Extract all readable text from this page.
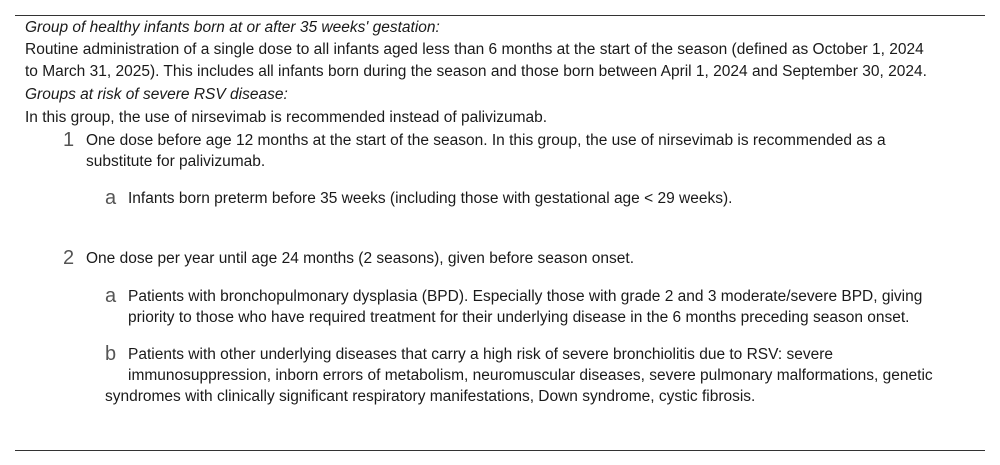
Group of healthy infants born at or after 35 weeks' gestation:
Routine administration of a single dose to all infants aged less than 6 months at the start of the season (defined as October 1, 2024
to March 31, 2025). This includes all infants born during the season and those born between April 1, 2024 and September 30, 2024.
Groups at risk of severe RSV disease:
In this group, the use of nirsevimab is recommended instead of palivizumab.
1 One dose before age 12 months at the start of the season. In this group, the use of nirsevimab is recommended as a
substitute for palivizumab.
a Infants born preterm before 35 weeks (including those with gestational age < 29 weeks).
2 One dose per year until age 24 months (2 seasons), given before season onset.
a Patients with bronchopulmonary dysplasia (BPD). Especially those with grade 2 and 3 moderate/severe BPD, giving
priority to those who have required treatment for their underlying disease in the 6 months preceding season onset.
b Patients with other underlying diseases that carry a high risk of severe bronchiolitis due to RSV: severe
immunosuppression, inborn errors of metabolism, neuromuscular diseases, severe pulmonary malformations, genetic
syndromes with clinically significant respiratory manifestations, Down syndrome, cystic fibrosis.
